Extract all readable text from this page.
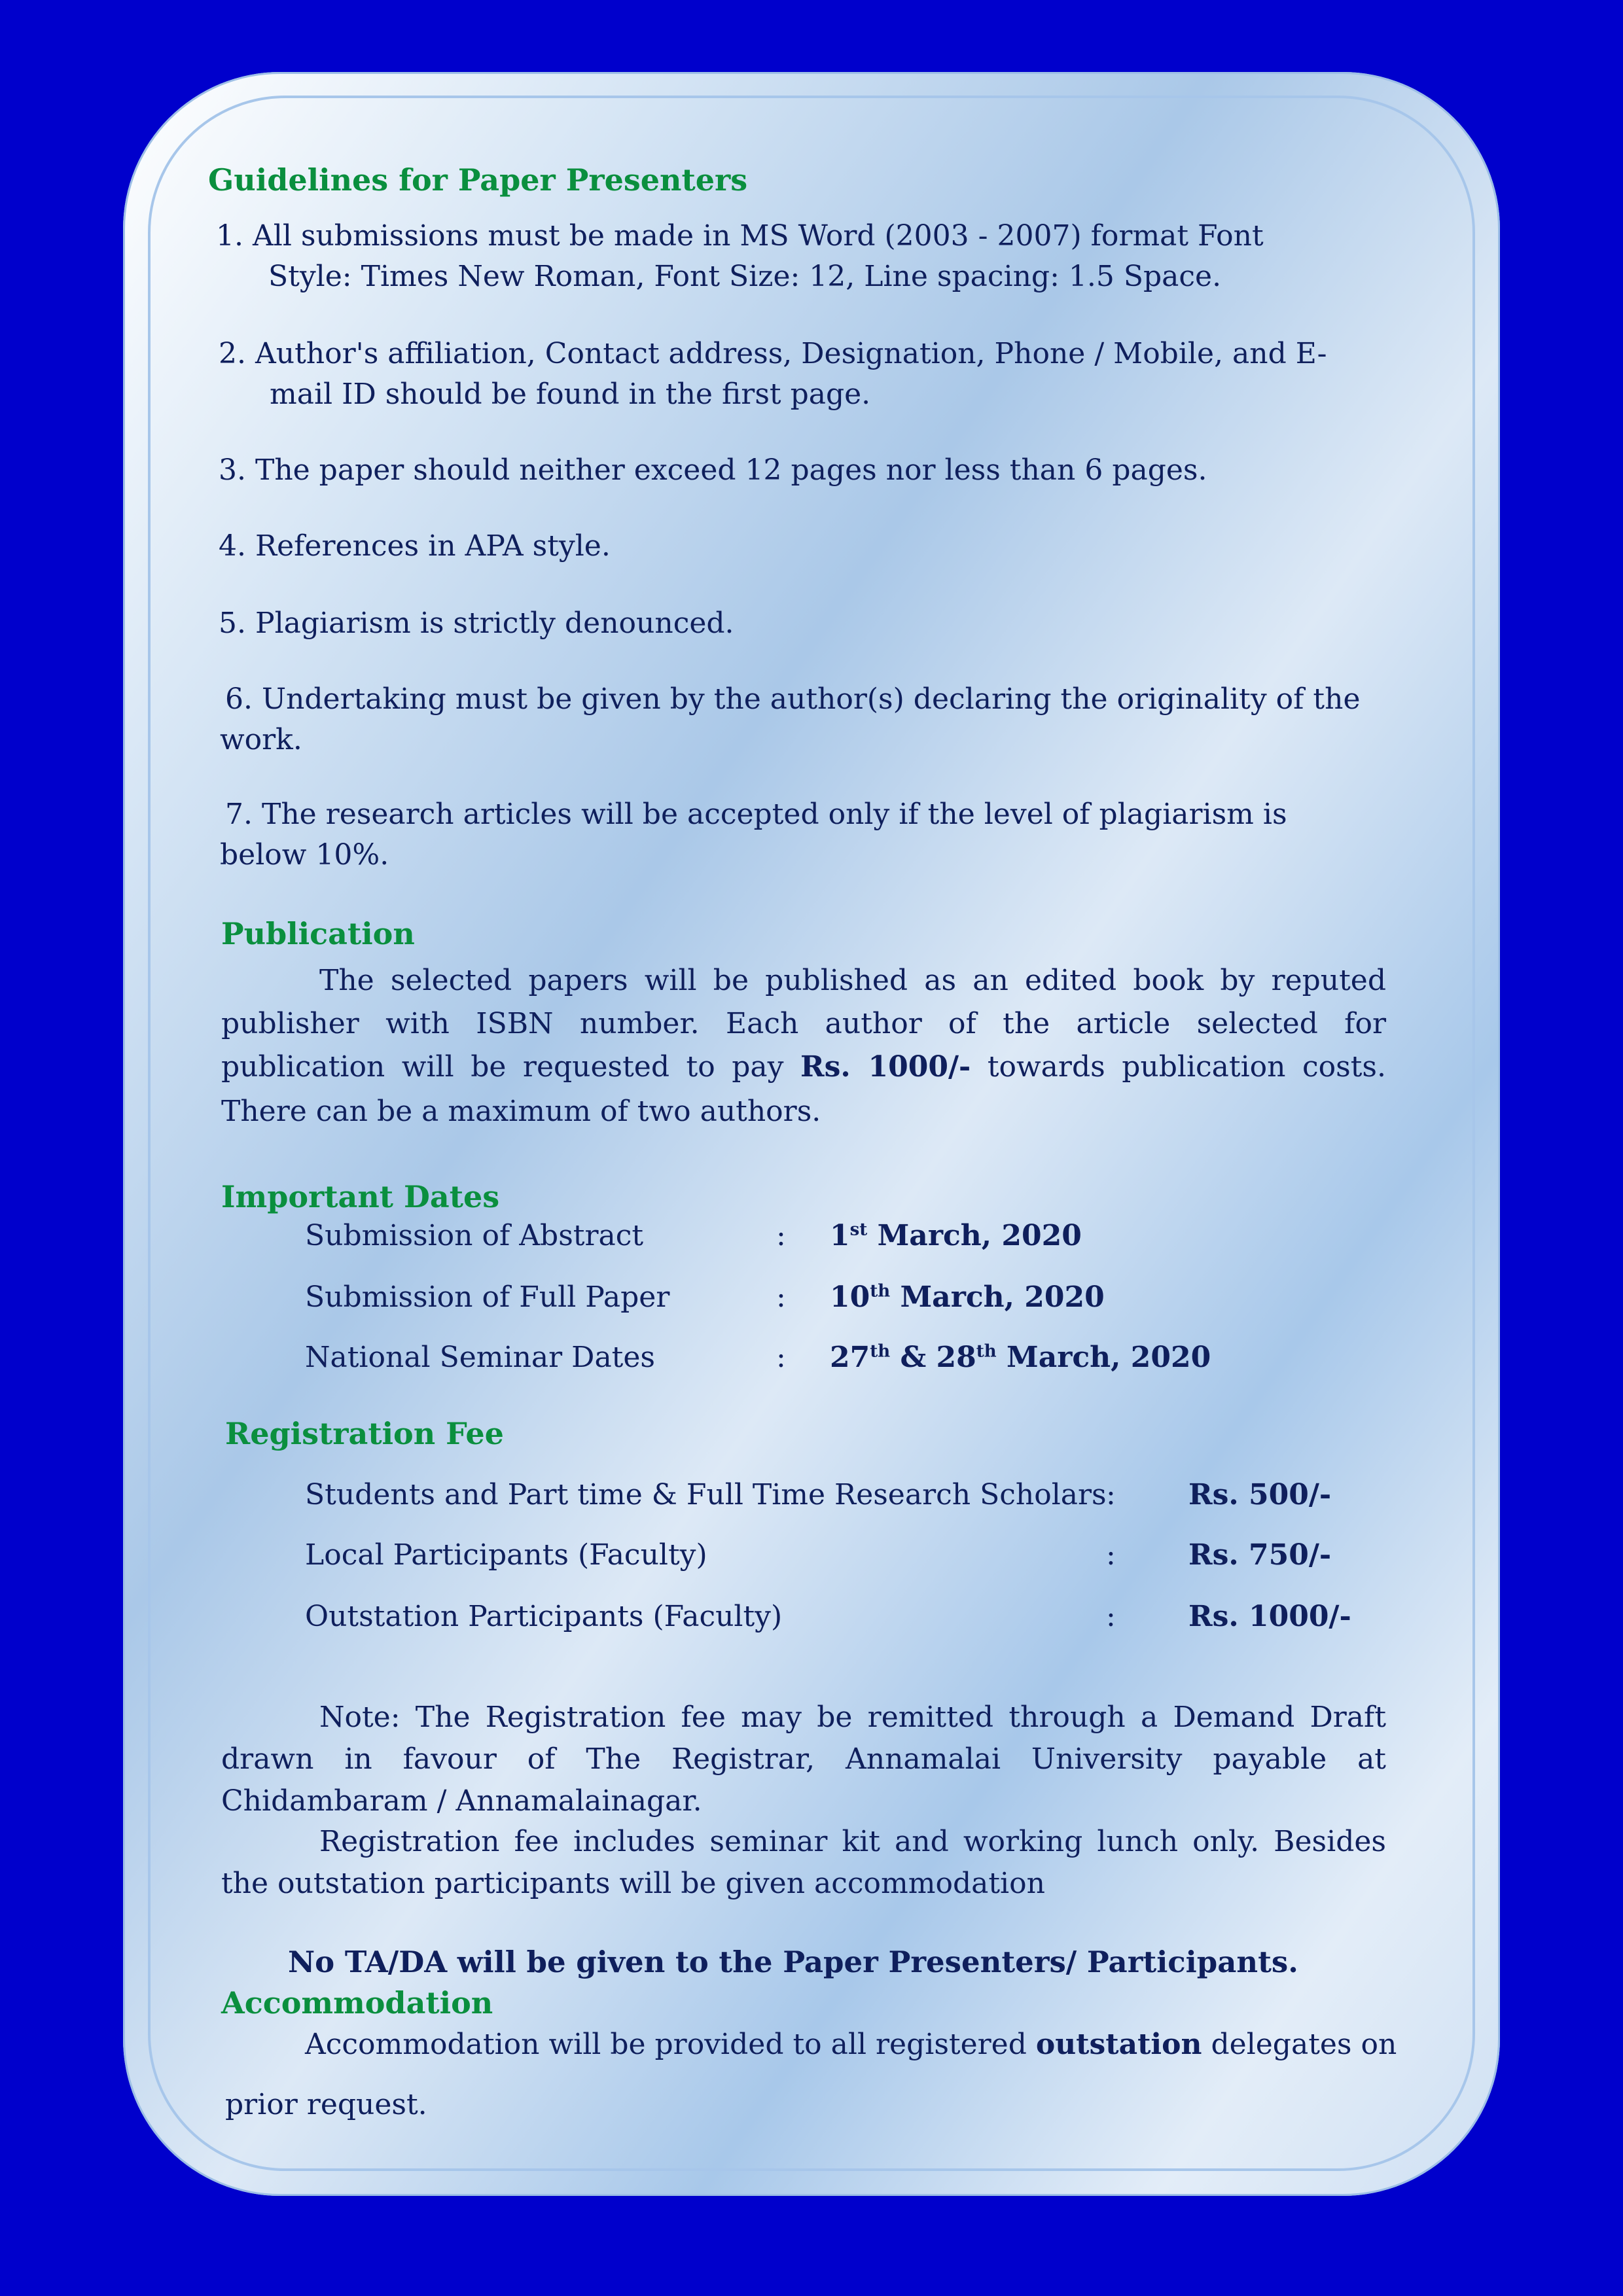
Guidelines for Paper Presenters
1. All submissions must be made in MS Word (2003 - 2007) format Font
Style: Times New Roman, Font Size: 12, Line spacing: 1.5 Space.
2. Author's affiliation, Contact address, Designation, Phone / Mobile, and E-
mail ID should be found in the first page.
3. The paper should neither exceed 12 pages nor less than 6 pages.
4. References in APA style.
5. Plagiarism is strictly denounced.
6. Undertaking must be given by the author(s) declaring the originality of the
work.
7. The research articles will be accepted only if the level of plagiarism is
below 10%.
Publication
The selected papers will be published as an edited book by reputed
publisher with ISBN number. Each author of the article selected for
publication will be requested to pay Rs. 1000/- towards publication costs.
There can be a maximum of two authors.
Important Dates
Submission of Abstract	: 1st March, 2020
Submission of Full Paper	: 10th March, 2020
National Seminar Dates	: 27th & 28th March, 2020
Registration Fee
Students and Part time & Full Time Research Scholars :	Rs. 500/-
Local Participants (Faculty)	:	Rs. 750/-
Outstation Participants (Faculty)	:	Rs. 1000/-
Note: The Registration fee may be remitted through a Demand Draft
drawn in favour of The Registrar, Annamalai University payable at
Chidambaram / Annamalainagar.
Registration fee includes seminar kit and working lunch only. Besides
the outstation participants will be given accommodation
No TA/DA will be given to the Paper Presenters/ Participants.
Accommodation
Accommodation will be provided to all registered outstation delegates on
prior request.
